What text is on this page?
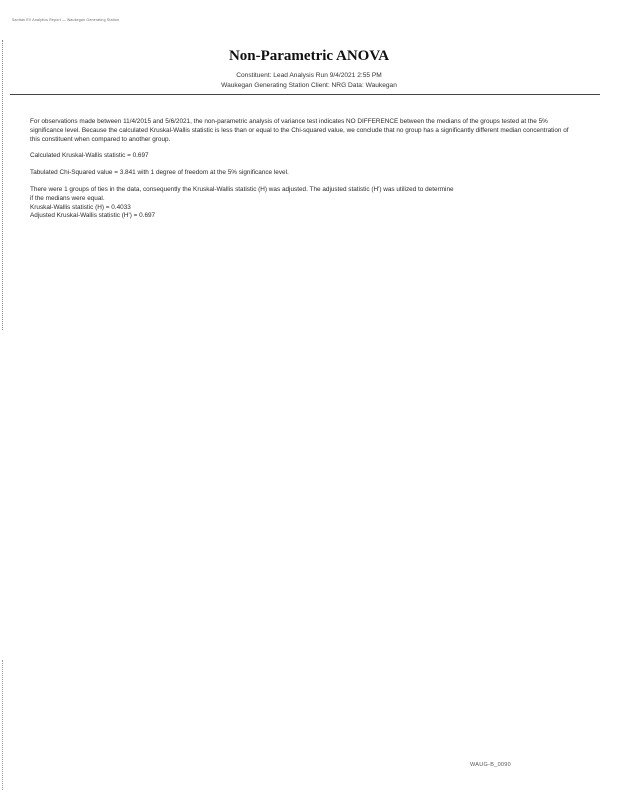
Sanitas EV Analytics Report — Waukegan Generating Station
Non-Parametric ANOVA
Constituent: Lead Analysis Run 9/4/2021 2:55 PM
Waukegan Generating Station Client: NRG Data: Waukegan

For observations made between 11/4/2015 and 5/6/2021, the non-parametric analysis of variance test indicates NO DIFFERENCE between the medians of the groups tested at the 5% significance level. Because the calculated Kruskal-Wallis statistic is less than or equal to the Chi-squared value, we conclude that no group has a significantly different median concentration of this constituent when compared to another group.

Calculated Kruskal-Wallis statistic = 0.697

Tabulated Chi-Squared value = 3.841 with 1 degree of freedom at the 5% significance level.

There were 1 groups of ties in the data, consequently the Kruskal-Wallis statistic (H) was adjusted. The adjusted statistic (H') was utilized to determine

if the medians were equal.

Kruskal-Wallis statistic (H) = 0.4033

Adjusted Kruskal-Wallis statistic (H') = 0.697

WAUG-B_0090
